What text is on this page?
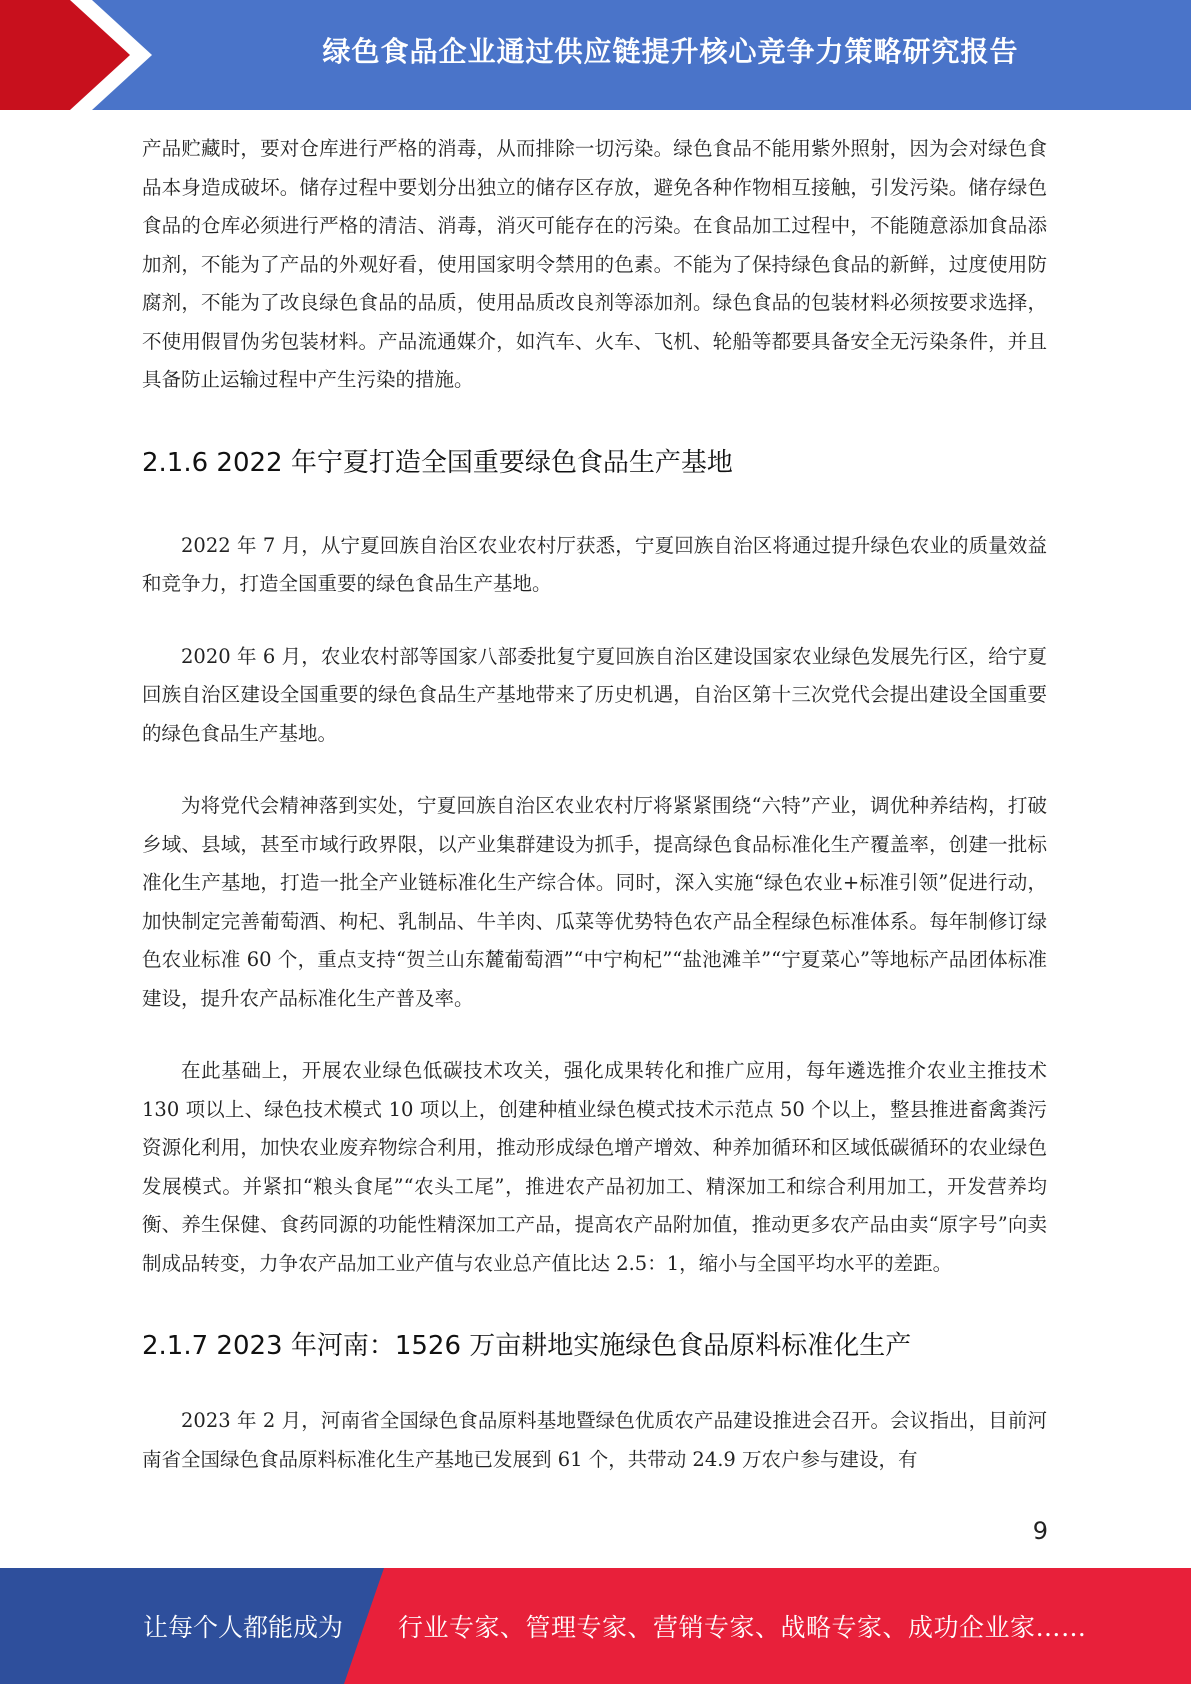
绿色食品企业通过供应链提升核心竞争力策略研究报告

产品贮藏时，要对仓库进行严格的消毒，从而排除一切污染。绿色食品不能用紫外照射，因为会对绿色食品本身造成破坏。储存过程中要划分出独立的储存区存放，避免各种作物相互接触，引发污染。储存绿色食品的仓库必须进行严格的清洁、消毒，消灭可能存在的污染。在食品加工过程中，不能随意添加食品添加剂，不能为了产品的外观好看，使用国家明令禁用的色素。不能为了保持绿色食品的新鲜，过度使用防腐剂，不能为了改良绿色食品的品质，使用品质改良剂等添加剂。绿色食品的包装材料必须按要求选择，不使用假冒伪劣包装材料。产品流通媒介，如汽车、火车、飞机、轮船等都要具备安全无污染条件，并且具备防止运输过程中产生污染的措施。

2.1.6 2022 年宁夏打造全国重要绿色食品生产基地

2022 年 7 月，从宁夏回族自治区农业农村厅获悉，宁夏回族自治区将通过提升绿色农业的质量效益和竞争力，打造全国重要的绿色食品生产基地。

2020 年 6 月，农业农村部等国家八部委批复宁夏回族自治区建设国家农业绿色发展先行区，给宁夏回族自治区建设全国重要的绿色食品生产基地带来了历史机遇，自治区第十三次党代会提出建设全国重要的绿色食品生产基地。

为将党代会精神落到实处，宁夏回族自治区农业农村厅将紧紧围绕“六特”产业，调优种养结构，打破乡域、县域，甚至市域行政界限，以产业集群建设为抓手，提高绿色食品标准化生产覆盖率，创建一批标准化生产基地，打造一批全产业链标准化生产综合体。同时，深入实施“绿色农业+标准引领”促进行动，加快制定完善葡萄酒、枸杞、乳制品、牛羊肉、瓜菜等优势特色农产品全程绿色标准体系。每年制修订绿色农业标准 60 个，重点支持“贺兰山东麓葡萄酒”“中宁枸杞”“盐池滩羊”“宁夏菜心”等地标产品团体标准建设，提升农产品标准化生产普及率。

在此基础上，开展农业绿色低碳技术攻关，强化成果转化和推广应用，每年遴选推介农业主推技术 130 项以上、绿色技术模式 10 项以上，创建种植业绿色模式技术示范点 50 个以上，整县推进畜禽粪污资源化利用，加快农业废弃物综合利用，推动形成绿色增产增效、种养加循环和区域低碳循环的农业绿色发展模式。并紧扣“粮头食尾”“农头工尾”，推进农产品初加工、精深加工和综合利用加工，开发营养均衡、养生保健、食药同源的功能性精深加工产品，提高农产品附加值，推动更多农产品由卖“原字号”向卖制成品转变，力争农产品加工业产值与农业总产值比达 2.5：1，缩小与全国平均水平的差距。

2.1.7 2023 年河南：1526 万亩耕地实施绿色食品原料标准化生产

2023 年 2 月，河南省全国绿色食品原料基地暨绿色优质农产品建设推进会召开。会议指出，目前河南省全国绿色食品原料标准化生产基地已发展到 61 个，共带动 24.9 万农户参与建设，有

9
让每个人都能成为 行业专家、管理专家、营销专家、战略专家、成功企业家……
